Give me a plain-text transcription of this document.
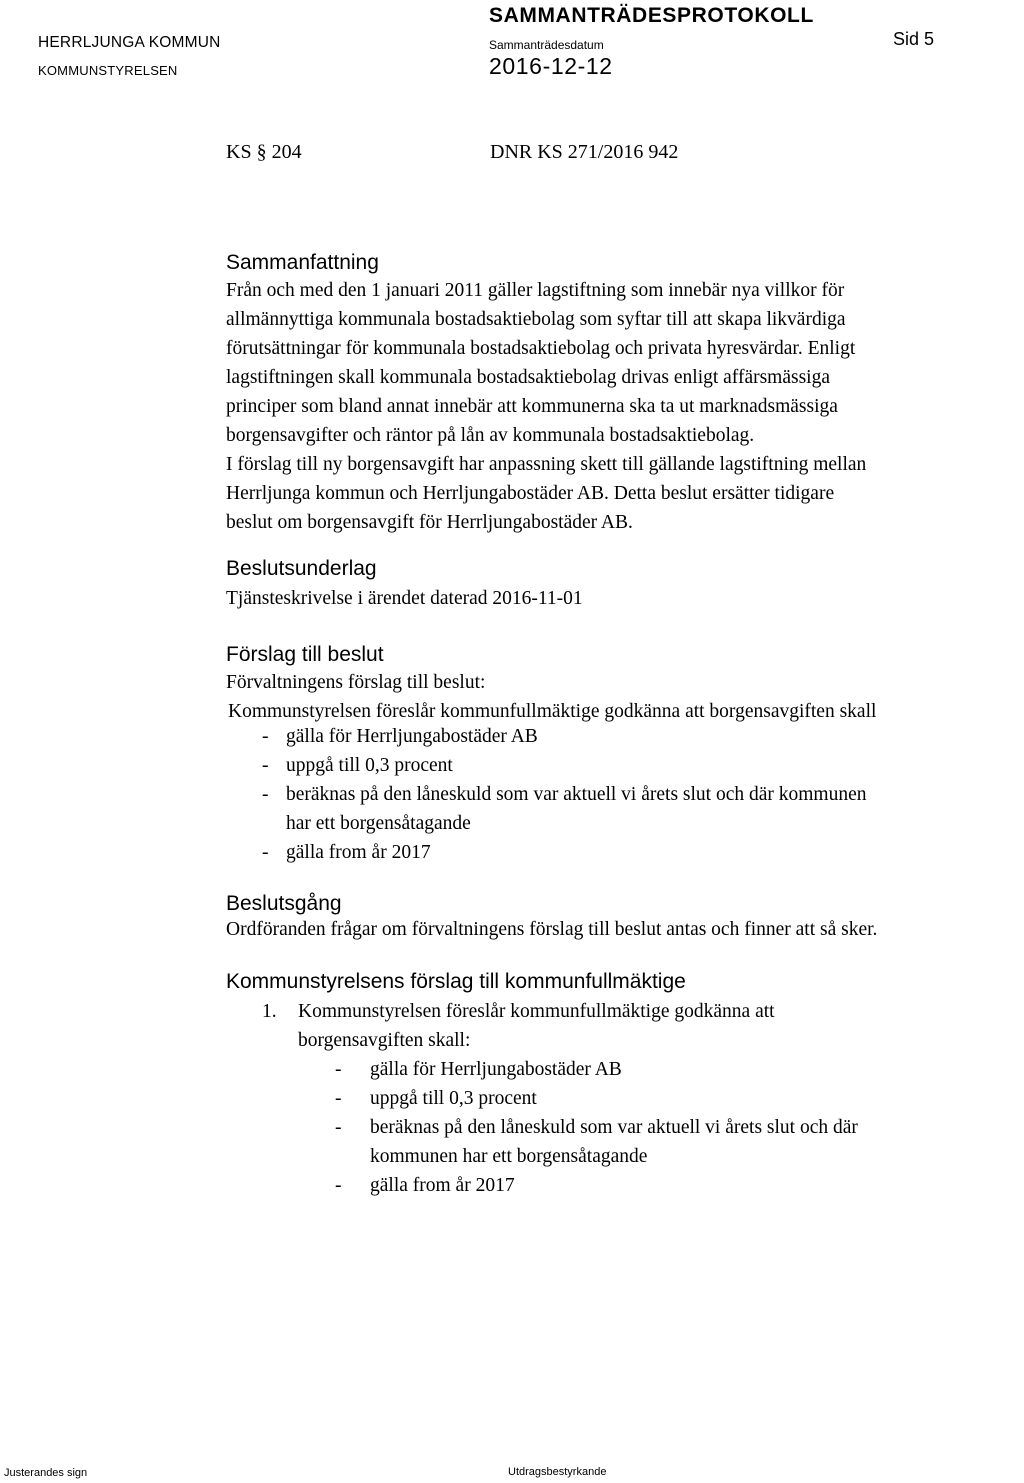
HERRLJUNGA KOMMUN
KOMMUNSTYRELSEN
SAMMANTRÄDESPROTOKOLL
Sammanträdesdatum
2016-12-12
Sid 5
KS § 204	DNR KS 271/2016 942
Sammanfattning
Från och med den 1 januari 2011 gäller lagstiftning som innebär nya villkor för
allmännyttiga kommunala bostadsaktiebolag som syftar till att skapa likvärdiga
förutsättningar för kommunala bostadsaktiebolag och privata hyresvärdar. Enligt
lagstiftningen skall kommunala bostadsaktiebolag drivas enligt affärsmässiga
principer som bland annat innebär att kommunerna ska ta ut marknadsmässiga
borgensavgifter och räntor på lån av kommunala bostadsaktiebolag.
I förslag till ny borgensavgift har anpassning skett till gällande lagstiftning mellan
Herrljunga kommun och Herrljungabostäder AB. Detta beslut ersätter tidigare
beslut om borgensavgift för Herrljungabostäder AB.
Beslutsunderlag
Tjänsteskrivelse i ärendet daterad 2016-11-01
Förslag till beslut
Förvaltningens förslag till beslut:
Kommunstyrelsen föreslår kommunfullmäktige godkänna att borgensavgiften skall
- gälla för Herrljungabostäder AB
- uppgå till 0,3 procent
- beräknas på den låneskuld som var aktuell vi årets slut och där kommunen
har ett borgensåtagande
- gälla from år 2017
Beslutsgång
Ordföranden frågar om förvaltningens förslag till beslut antas och finner att så sker.
Kommunstyrelsens förslag till kommunfullmäktige
1. Kommunstyrelsen föreslår kommunfullmäktige godkänna att
borgensavgiften skall:
- gälla för Herrljungabostäder AB
- uppgå till 0,3 procent
- beräknas på den låneskuld som var aktuell vi årets slut och där
kommunen har ett borgensåtagande
- gälla from år 2017
Justerandes sign	Utdragsbestyrkande
